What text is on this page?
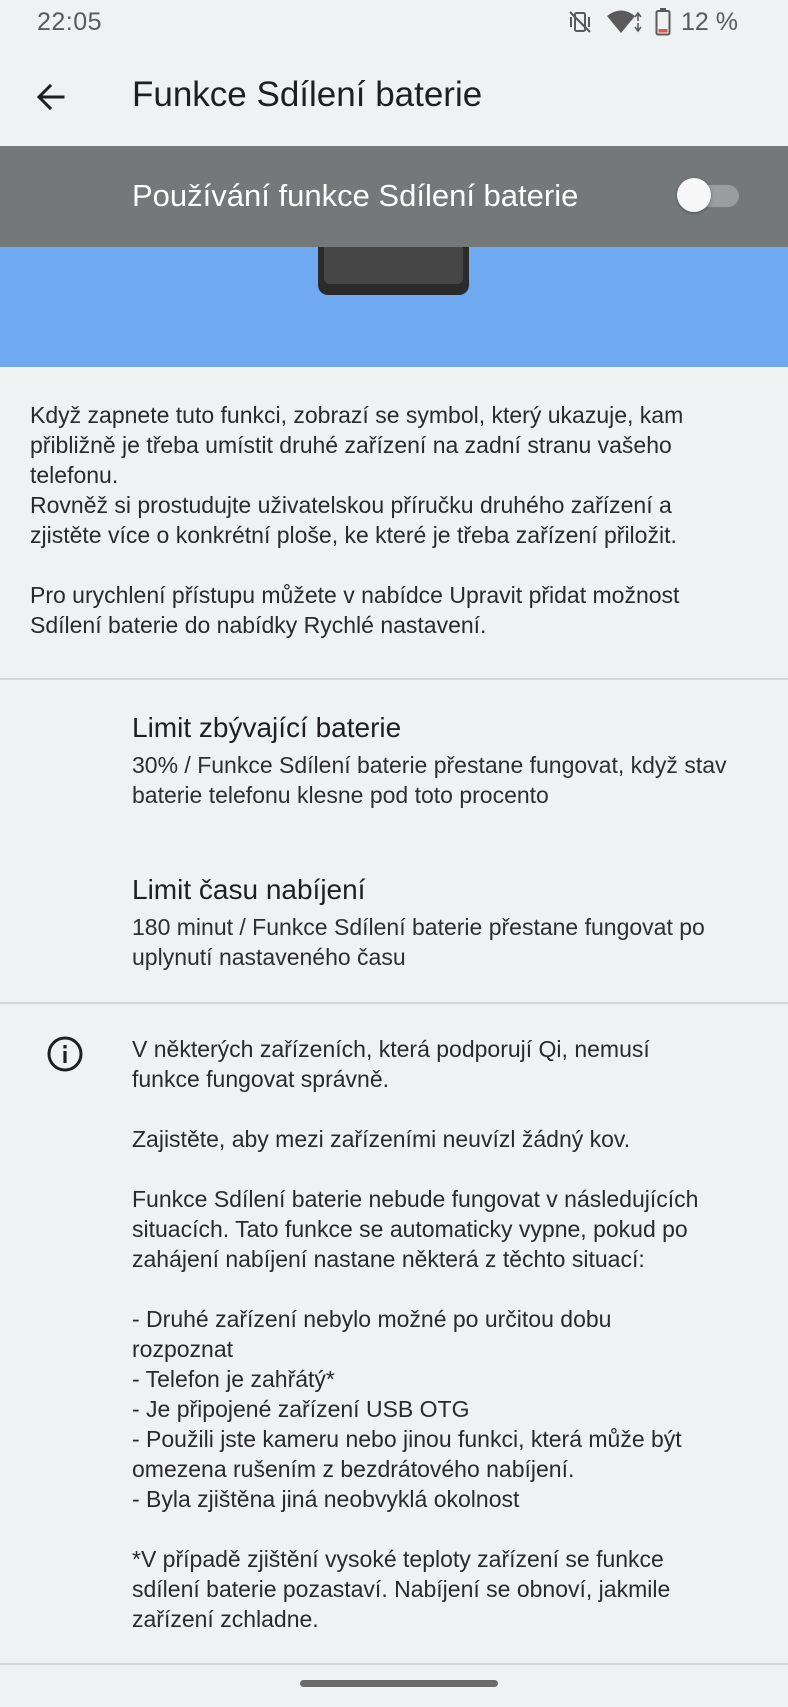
22:05	12 %
Funkce Sdílení baterie
Používání funkce Sdílení baterie

Když zapnete tuto funkci, zobrazí se symbol, který ukazuje, kam
přibližně je třeba umístit druhé zařízení na zadní stranu vašeho
telefonu.
Rovněž si prostudujte uživatelskou příručku druhého zařízení a
zjistěte více o konkrétní ploše, ke které je třeba zařízení přiložit.

Pro urychlení přístupu můžete v nabídce Upravit přidat možnost
Sdílení baterie do nabídky Rychlé nastavení.

Limit zbývající baterie
30% / Funkce Sdílení baterie přestane fungovat, když stav baterie telefonu klesne pod toto procento
Limit času nabíjení
180 minut / Funkce Sdílení baterie přestane fungovat po uplynutí nastaveného času

V některých zařízeních, která podporují Qi, nemusí
funkce fungovat správně.

Zajistěte, aby mezi zařízeními neuvízl žádný kov.

Funkce Sdílení baterie nebude fungovat v následujících
situacích. Tato funkce se automaticky vypne, pokud po
zahájení nabíjení nastane některá z těchto situací:

- Druhé zařízení nebylo možné po určitou dobu
rozpoznat
- Telefon je zahřátý*
- Je připojené zařízení USB OTG
- Použili jste kameru nebo jinou funkci, která může být
omezena rušením z bezdrátového nabíjení.
- Byla zjištěna jiná neobvyklá okolnost

*V případě zjištění vysoké teploty zařízení se funkce
sdílení baterie pozastaví. Nabíjení se obnoví, jakmile
zařízení zchladne.
